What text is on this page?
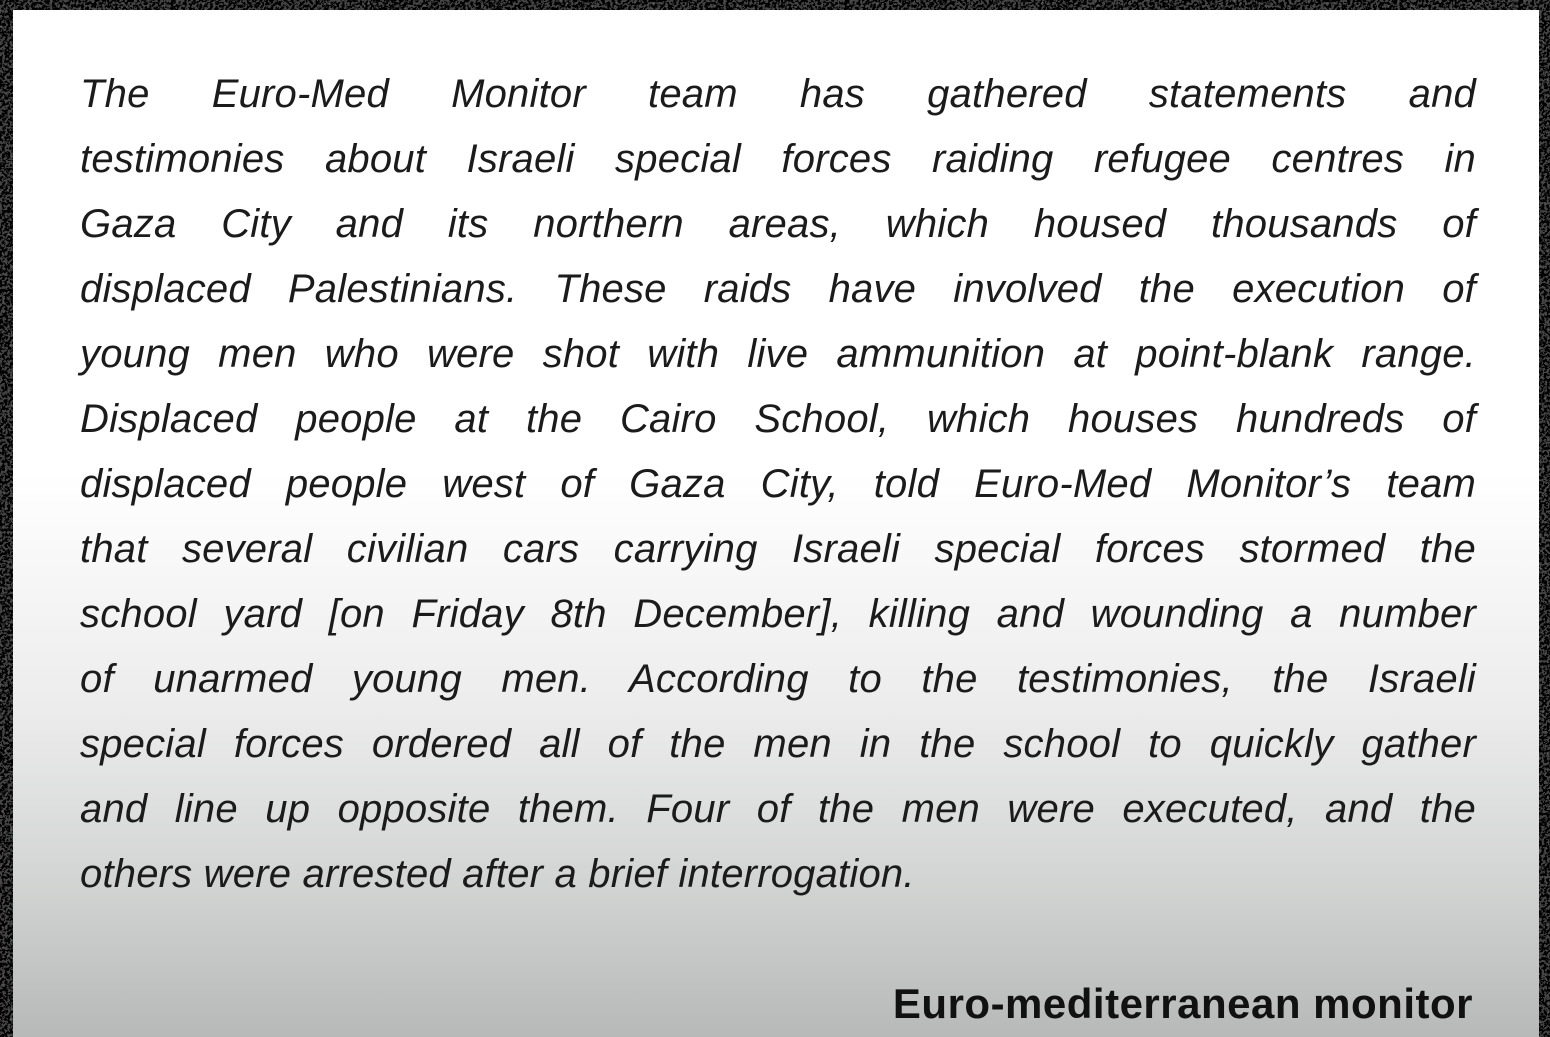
The Euro-Med Monitor team has gathered statements and
testimonies about Israeli special forces raiding refugee centres in
Gaza City and its northern areas, which housed thousands of
displaced Palestinians. These raids have involved the execution of
young men who were shot with live ammunition at point-blank range.
Displaced people at the Cairo School, which houses hundreds of
displaced people west of Gaza City, told Euro-Med Monitor’s team
that several civilian cars carrying Israeli special forces stormed the
school yard [on Friday 8th December], killing and wounding a number
of unarmed young men. According to the testimonies, the Israeli
special forces ordered all of the men in the school to quickly gather
and line up opposite them. Four of the men were executed, and the
others were arrested after a brief interrogation.
Euro-mediterranean monitor
